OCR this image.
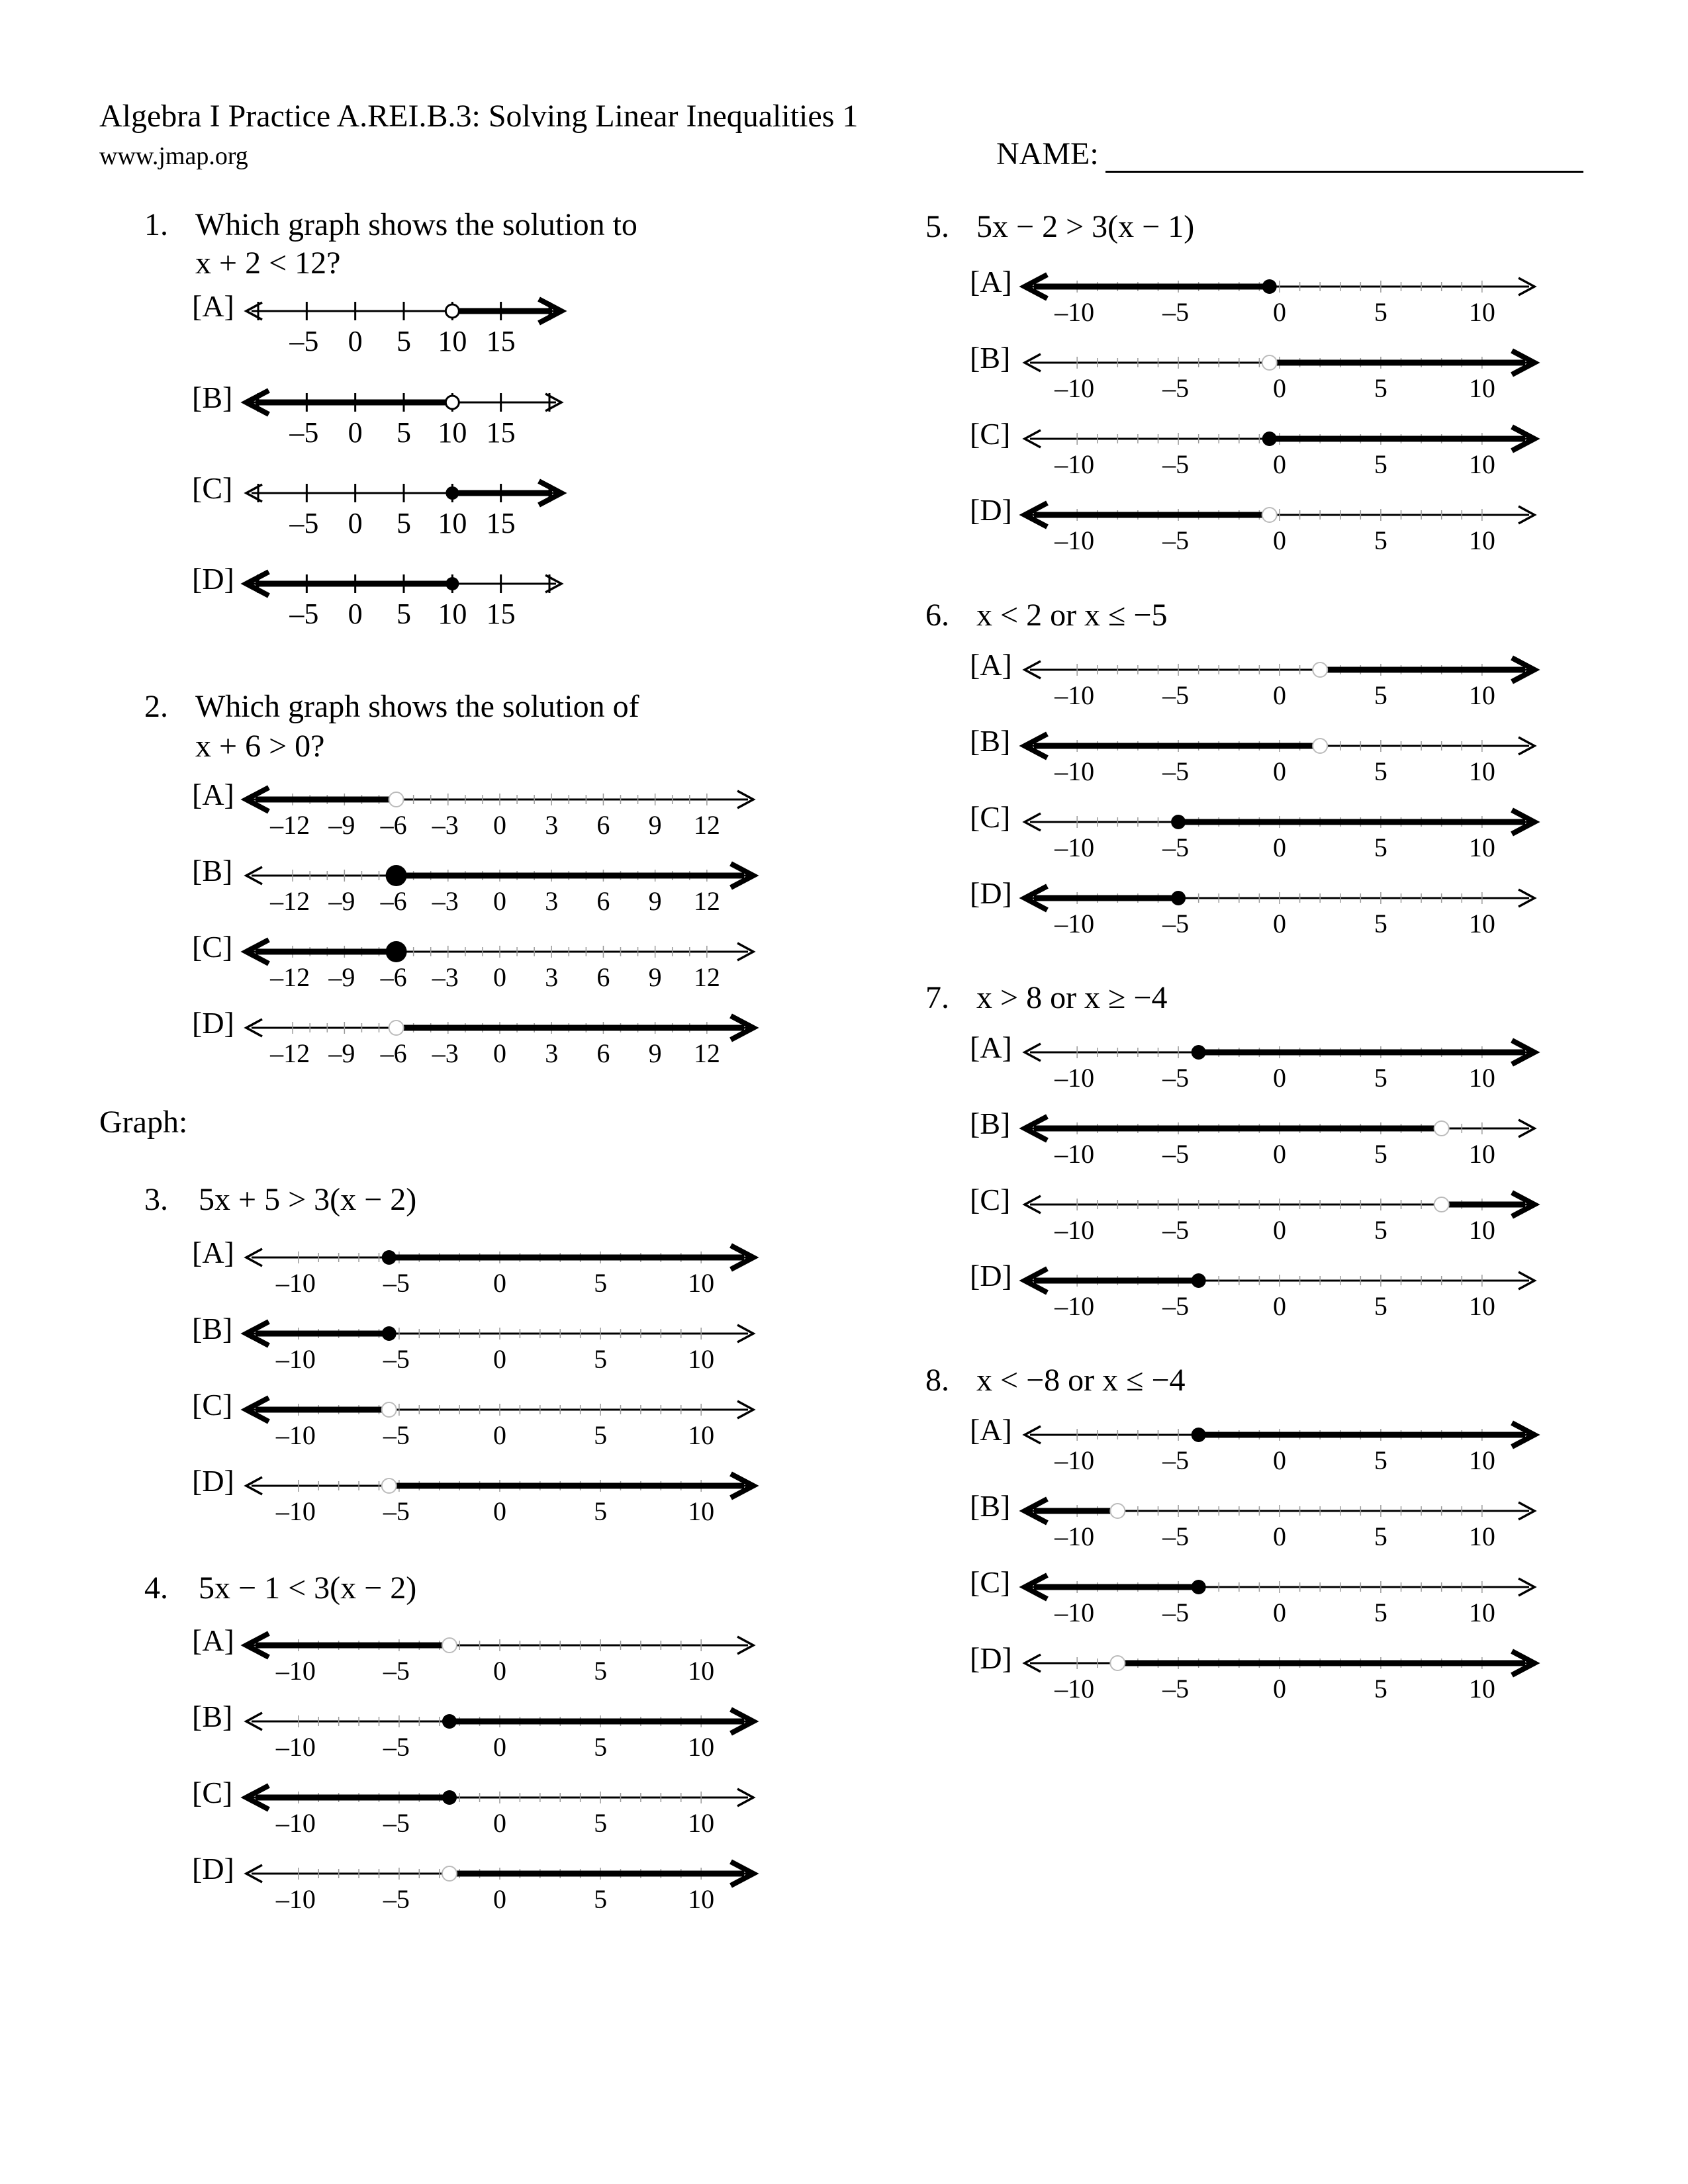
Algebra I Practice A.REI.B.3: Solving Linear Inequalities 1
www.jmap.org	NAME:
Graph:
1. Which graph shows the solution to
x + 2 < 12?
[A]
–5 0 5 10 15
[B]
–5 0 5 10 15
[C]
–5 0 5 10 15
[D]
–5 0 5 10 15
2. Which graph shows the solution of
x + 6 > 0?
[A]
–12 –9 –6 –3 0 3 6 9 12
[B]
–12 –9 –6 –3 0 3 6 9 12
[C]
–12 –9 –6 –3 0 3 6 9 12
[D]
–12 –9 –6 –3 0 3 6 9 12
3. 5x + 5 > 3(x − 2)
[A]
–10	–5	0	5	10
[B]
–10	–5	0	5	10
[C]
–10	–5	0	5	10
[D]
–10	–5	0	5	10
4. 5x − 1 < 3(x − 2)
[A]
–10	–5	0	5	10
[B]
–10	–5	0	5	10
[C]
–10	–5	0	5	10
[D]
–10	–5	0	5	10
5. 5x − 2 > 3(x − 1)
[A]
–10	–5	0	5	10
[B]
–10	–5	0	5	10
[C]
–10	–5	0	5	10
[D]
–10	–5	0	5	10
6. x < 2 or x ≤ −5
[A]
–10	–5	0	5	10
[B]
–10	–5	0	5	10
[C]
–10	–5	0	5	10
[D]
–10	–5	0	5	10
7. x > 8 or x ≥ −4
[A]
–10	–5	0	5	10
[B]
–10	–5	0	5	10
[C]
–10	–5	0	5	10
[D]
–10	–5	0	5	10
8. x < −8 or x ≤ −4
[A]
–10	–5	0	5	10
[B]
–10	–5	0	5	10
[C]
–10	–5	0	5	10
[D]
–10	–5	0	5	10
